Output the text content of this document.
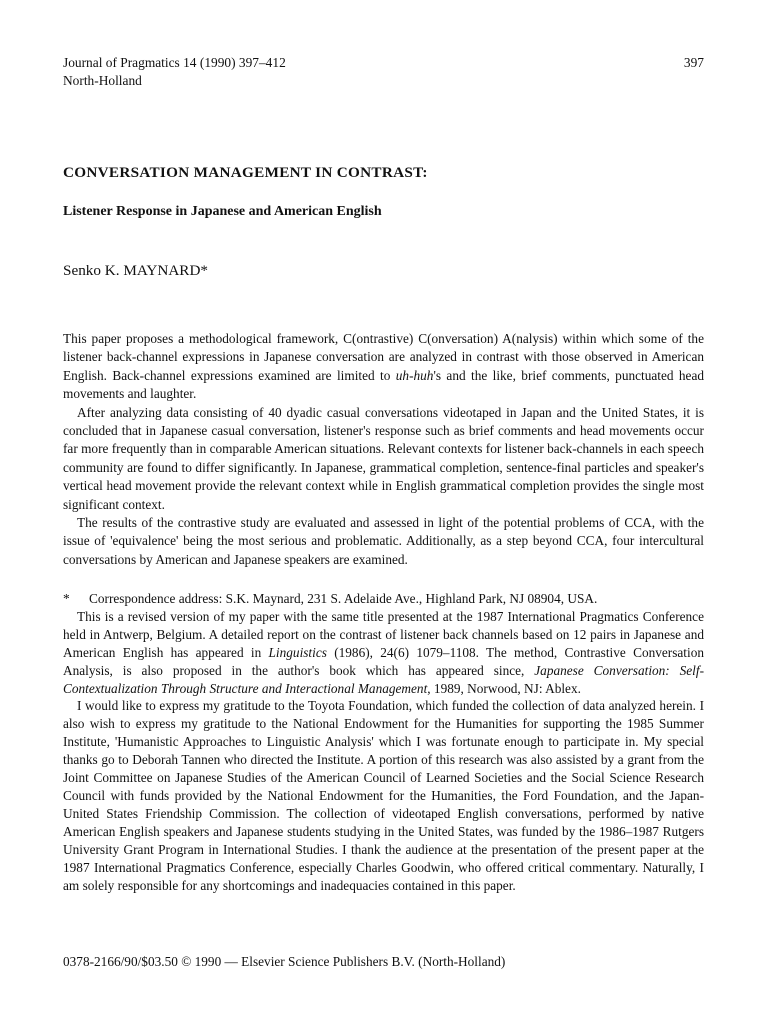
Journal of Pragmatics 14 (1990) 397–412
North-Holland
397
CONVERSATION MANAGEMENT IN CONTRAST:
Listener Response in Japanese and American English
Senko K. MAYNARD*

This paper proposes a methodological framework, C(ontrastive) C(onversation) A(nalysis) within which some of the listener back-channel expressions in Japanese conversation are analyzed in contrast with those observed in American English. Back-channel expressions examined are limited to uh-huh's and the like, brief comments, punctuated head movements and laughter.

After analyzing data consisting of 40 dyadic casual conversations videotaped in Japan and the United States, it is concluded that in Japanese casual conversation, listener's response such as brief comments and head movements occur far more frequently than in comparable American situations. Relevant contexts for listener back-channels in each speech community are found to differ significantly. In Japanese, grammatical completion, sentence-final particles and speaker's vertical head movement provide the relevant context while in English grammatical completion provides the single most significant context.

The results of the contrastive study are evaluated and assessed in light of the potential problems of CCA, with the issue of 'equivalence' being the most serious and problematic. Additionally, as a step beyond CCA, four intercultural conversations by American and Japanese speakers are examined.

* Correspondence address: S.K. Maynard, 231 S. Adelaide Ave., Highland Park, NJ 08904, USA.

This is a revised version of my paper with the same title presented at the 1987 International Pragmatics Conference held in Antwerp, Belgium. A detailed report on the contrast of listener back channels based on 12 pairs in Japanese and American English has appeared in Linguistics (1986), 24(6) 1079–1108. The method, Contrastive Conversation Analysis, is also proposed in the author's book which has appeared since, Japanese Conversation: Self-Contextualization Through Structure and Interactional Management, 1989, Norwood, NJ: Ablex.

I would like to express my gratitude to the Toyota Foundation, which funded the collection of data analyzed herein. I also wish to express my gratitude to the National Endowment for the Humanities for supporting the 1985 Summer Institute, 'Humanistic Approaches to Linguistic Analysis' which I was fortunate enough to participate in. My special thanks go to Deborah Tannen who directed the Institute. A portion of this research was also assisted by a grant from the Joint Committee on Japanese Studies of the American Council of Learned Societies and the Social Science Research Council with funds provided by the National Endowment for the Humanities, the Ford Foundation, and the Japan-United States Friendship Commission. The collection of videotaped English conversations, performed by native American English speakers and Japanese students studying in the United States, was funded by the 1986–1987 Rutgers University Grant Program in International Studies. I thank the audience at the presentation of the present paper at the 1987 International Pragmatics Conference, especially Charles Goodwin, who offered critical commentary. Naturally, I am solely responsible for any shortcomings and inadequacies contained in this paper.

0378-2166/90/$03.50 © 1990 — Elsevier Science Publishers B.V. (North-Holland)
